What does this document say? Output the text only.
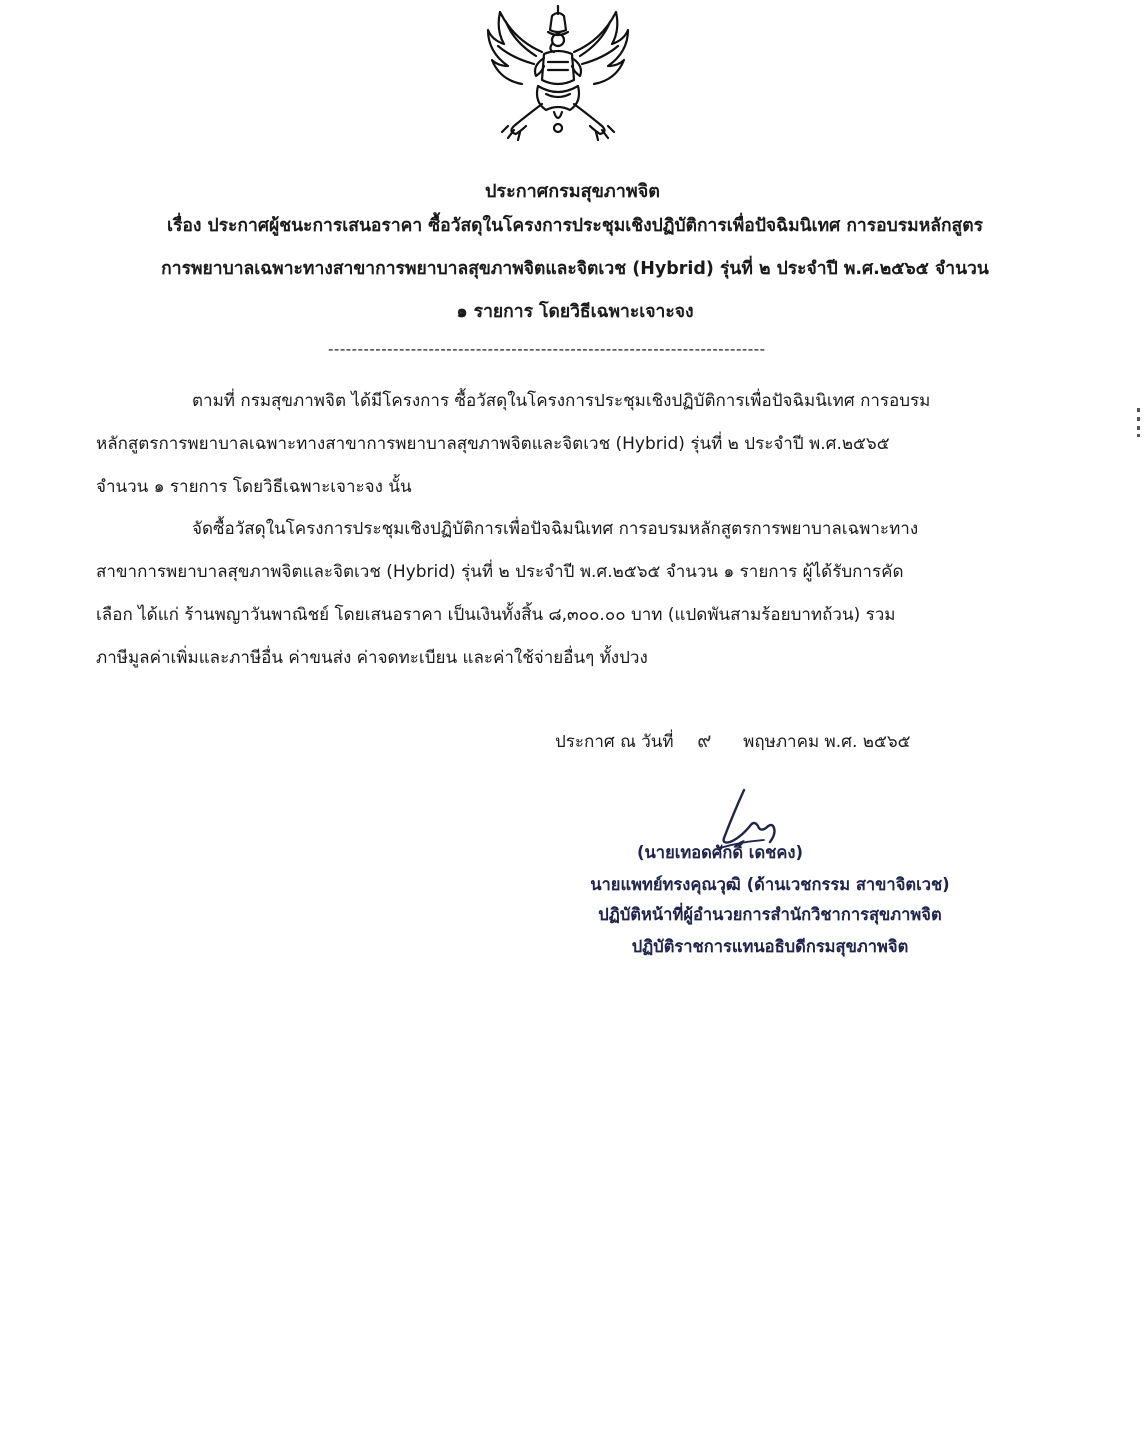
ประกาศกรมสุขภาพจิต
เรื่อง ประกาศผู้ชนะการเสนอราคา ซื้อวัสดุในโครงการประชุมเชิงปฏิบัติการเพื่อปัจฉิมนิเทศ การอบรมหลักสูตร
การพยาบาลเฉพาะทางสาขาการพยาบาลสุขภาพจิตและจิตเวช (Hybrid) รุ่นที่ ๒ ประจำปี พ.ศ.๒๕๖๕ จำนวน
๑ รายการ โดยวิธีเฉพาะเจาะจง
--------------------------------------------------------------------------
ตามที่ กรมสุขภาพจิต ได้มีโครงการ ซื้อวัสดุในโครงการประชุมเชิงปฏิบัติการเพื่อปัจฉิมนิเทศ การอบรม
หลักสูตรการพยาบาลเฉพาะทางสาขาการพยาบาลสุขภาพจิตและจิตเวช (Hybrid) รุ่นที่ ๒ ประจำปี พ.ศ.๒๕๖๕
จำนวน ๑ รายการ โดยวิธีเฉพาะเจาะจง นั้น
จัดซื้อวัสดุในโครงการประชุมเชิงปฏิบัติการเพื่อปัจฉิมนิเทศ การอบรมหลักสูตรการพยาบาลเฉพาะทาง
สาขาการพยาบาลสุขภาพจิตและจิตเวช (Hybrid) รุ่นที่ ๒ ประจำปี พ.ศ.๒๕๖๕ จำนวน ๑ รายการ ผู้ได้รับการคัด
เลือก ได้แก่ ร้านพญาวันพาณิชย์ โดยเสนอราคา เป็นเงินทั้งสิ้น ๘,๓๐๐.๐๐ บาท (แปดพันสามร้อยบาทถ้วน) รวม
ภาษีมูลค่าเพิ่มและภาษีอื่น ค่าขนส่ง ค่าจดทะเบียน และค่าใช้จ่ายอื่นๆ ทั้งปวง
ประกาศ ณ วันที่ ๙ พฤษภาคม พ.ศ. ๒๕๖๕
(นายเทอดศักดิ์ เดชคง)
นายแพทย์ทรงคุณวุฒิ (ด้านเวชกรรม สาขาจิตเวช)
ปฏิบัติหน้าที่ผู้อำนวยการสำนักวิชาการสุขภาพจิต
ปฏิบัติราชการแทนอธิบดีกรมสุขภาพจิต
